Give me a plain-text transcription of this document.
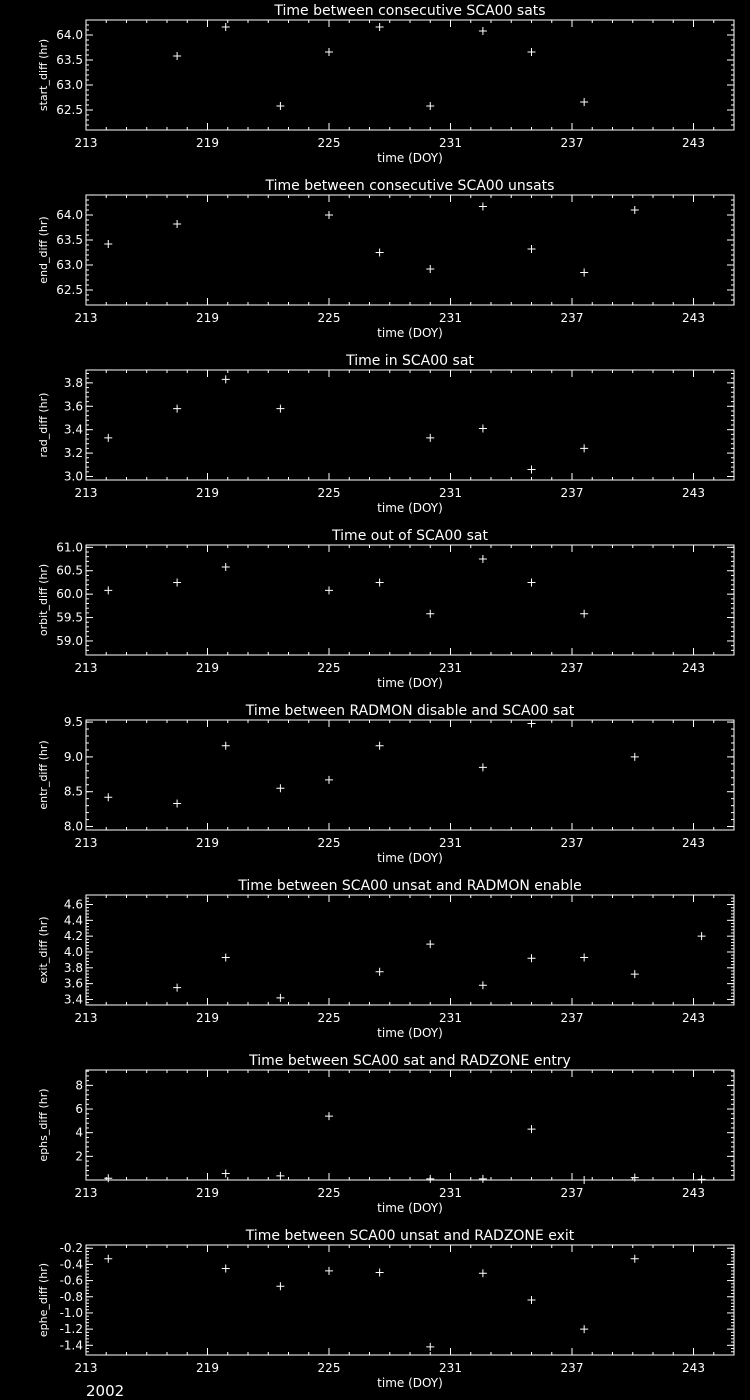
Time between consecutive SCA00 sats
213	219	225	231	237	243
time (DOY)
62.5
63.0
63.5
64.0
start_diff (hr)
Time between consecutive SCA00 unsats
213	219	225	231	243
237
time (DOY)
62.5
63.0
63.5
64.0
end_diff (hr)
Time in SCA00 sat
213	219	225	231	237	243
time (DOY)
3.0
3.2
3.4
3.6
3.8
rad_diff (hr)
Time out of SCA00 sat
213	219	225	231	237	243
time (DOY)
59.0
59.5
60.0
60.5
61.0
orbit_diff (hr)
Time between RADMON disable and SCA00 sat
213	219	225	231	237	243
time (DOY)
8.0
8.5
9.0
9.5
entr_diff (hr)
Time between SCA00 unsat and RADMON enable
213	219	225	231	237	243
time (DOY)
3.4
3.6
3.8
4.0
4.2
4.4
4.6
exit_diff (hr)
Time between SCA00 sat and RADZONE entry
213	219	225	231	237	243
time (DOY)
2
4
6
8
ephs_diff (hr)
Time between SCA00 unsat and RADZONE exit
213	219	225	231	237	243
time (DOY)
-1.4
-1.2
-1.0
-0.8
-0.6
-0.4
-0.2
ephe_diff (hr)
2002
